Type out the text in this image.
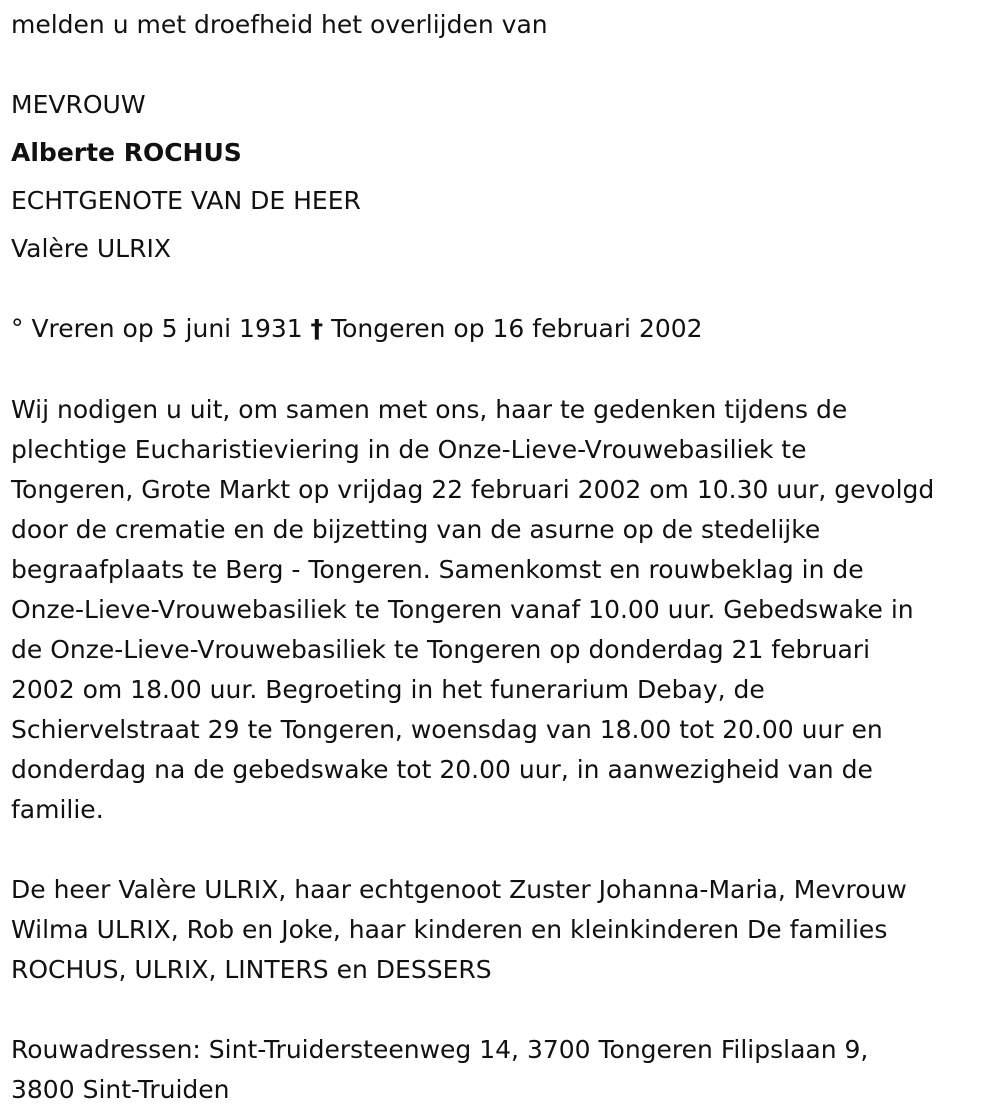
melden u met droefheid het overlijden van
MEVROUW
Alberte ROCHUS
ECHTGENOTE VAN DE HEER
Valère ULRIX
° Vreren op 5 juni 1931 † Tongeren op 16 februari 2002
Wij nodigen u uit, om samen met ons, haar te gedenken tijdens de
plechtige Eucharistieviering in de Onze-Lieve-Vrouwebasiliek te
Tongeren, Grote Markt op vrijdag 22 februari 2002 om 10.30 uur, gevolgd
door de crematie en de bijzetting van de asurne op de stedelijke
begraafplaats te Berg - Tongeren. Samenkomst en rouwbeklag in de
Onze-Lieve-Vrouwebasiliek te Tongeren vanaf 10.00 uur. Gebedswake in
de Onze-Lieve-Vrouwebasiliek te Tongeren op donderdag 21 februari
2002 om 18.00 uur. Begroeting in het funerarium Debay, de
Schiervelstraat 29 te Tongeren, woensdag van 18.00 tot 20.00 uur en
donderdag na de gebedswake tot 20.00 uur, in aanwezigheid van de
familie.
De heer Valère ULRIX, haar echtgenoot Zuster Johanna-Maria, Mevrouw
Wilma ULRIX, Rob en Joke, haar kinderen en kleinkinderen De families
ROCHUS, ULRIX, LINTERS en DESSERS
Rouwadressen: Sint-Truidersteenweg 14, 3700 Tongeren Filipslaan 9,
3800 Sint-Truiden
